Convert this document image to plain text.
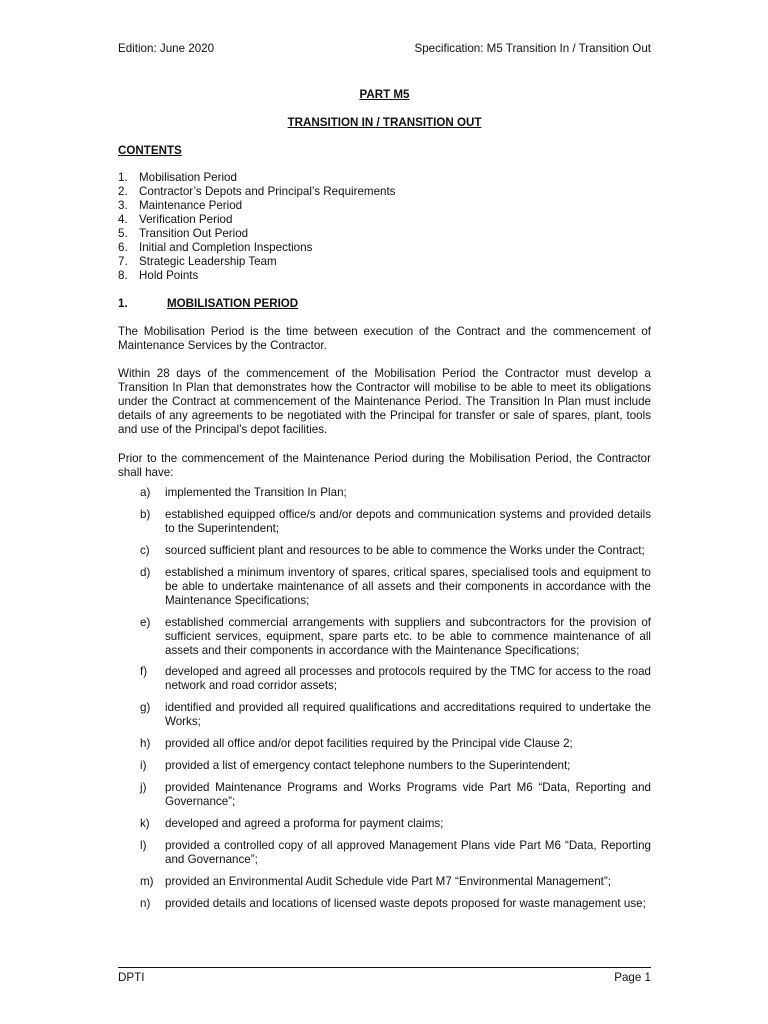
Edition: June 2020	Specification: M5 Transition In / Transition Out
PART M5
TRANSITION IN / TRANSITION OUT
CONTENTS
1. Mobilisation Period
2. Contractor’s Depots and Principal’s Requirements
3. Maintenance Period
4. Verification Period
5. Transition Out Period
6. Initial and Completion Inspections
7. Strategic Leadership Team
8. Hold Points
1.	MOBILISATION PERIOD

The Mobilisation Period is the time between execution of the Contract and the commencement of Maintenance Services by the Contractor.

Within 28 days of the commencement of the Mobilisation Period the Contractor must develop a Transition In Plan that demonstrates how the Contractor will mobilise to be able to meet its obligations under the Contract at commencement of the Maintenance Period. The Transition In Plan must include details of any agreements to be negotiated with the Principal for transfer or sale of spares, plant, tools and use of the Principal’s depot facilities.

Prior to the commencement of the Maintenance Period during the Mobilisation Period, the Contractor shall have:

a) implemented the Transition In Plan;
b) established equipped office/s and/or depots and communication systems and provided details to the Superintendent;
c) sourced sufficient plant and resources to be able to commence the Works under the Contract;
d) established a minimum inventory of spares, critical spares, specialised tools and equipment to be able to undertake maintenance of all assets and their components in accordance with the Maintenance Specifications;
e) established commercial arrangements with suppliers and subcontractors for the provision of sufficient services, equipment, spare parts etc. to be able to commence maintenance of all assets and their components in accordance with the Maintenance Specifications;
f) developed and agreed all processes and protocols required by the TMC for access to the road network and road corridor assets;
g) identified and provided all required qualifications and accreditations required to undertake the Works;
h) provided all office and/or depot facilities required by the Principal vide Clause 2;
i) provided a list of emergency contact telephone numbers to the Superintendent;
j) provided Maintenance Programs and Works Programs vide Part M6 “Data, Reporting and Governance”;
k) developed and agreed a proforma for payment claims;
l) provided a controlled copy of all approved Management Plans vide Part M6 “Data, Reporting and Governance”;
m) provided an Environmental Audit Schedule vide Part M7 “Environmental Management”;
n) provided details and locations of licensed waste depots proposed for waste management use;
DPTI	Page 1
